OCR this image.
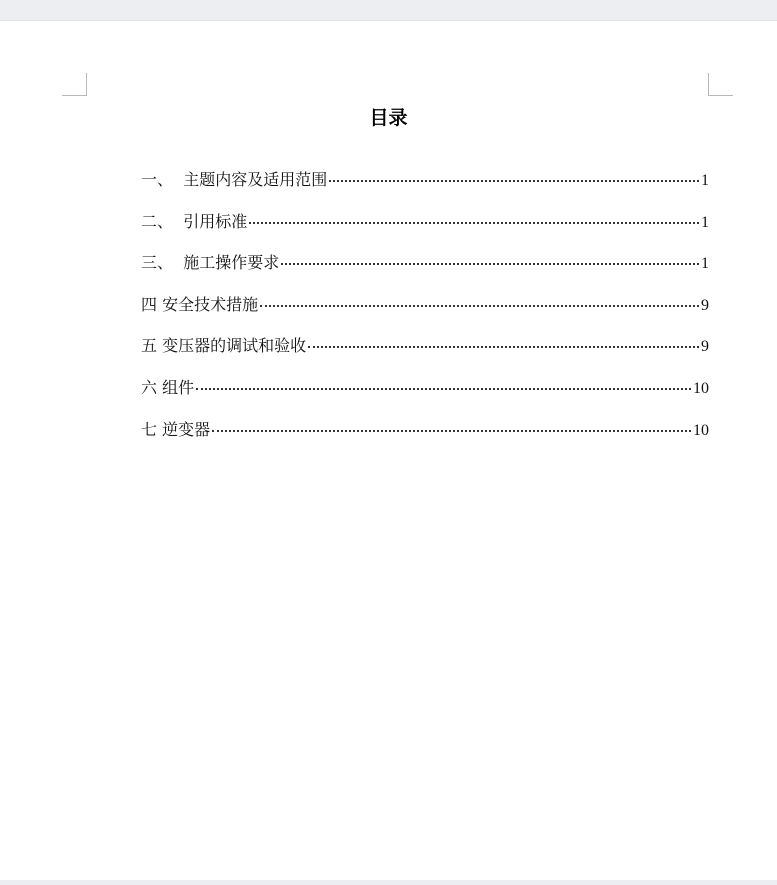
目录
一、 主题内容及适用范围	1
二、 引用标准	1
三、 施工操作要求	1
四 安全技术措施	9
五 变压器的调试和验收	9
六 组件	10
七 逆变器	10
